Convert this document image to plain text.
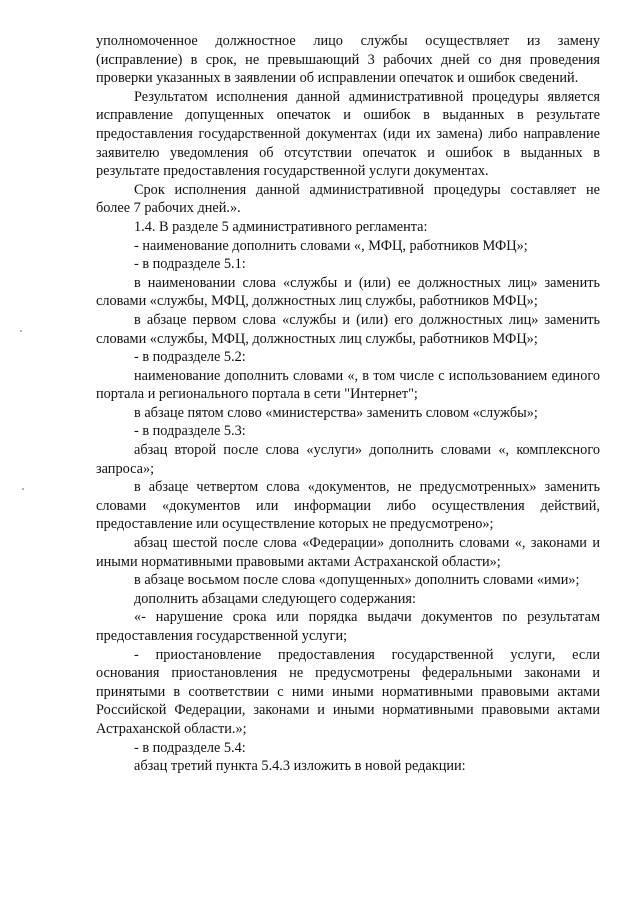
уполномоченное должностное лицо службы осуществляет из замену (исправление) в срок, не превышающий 3 рабочих дней со дня проведения проверки указанных в заявлении об исправлении опечаток и ошибок сведений.

Результатом исполнения данной административной процедуры является исправление допущенных опечаток и ошибок в выданных в результате предоставления государственной документах (иди их замена) либо направление заявителю уведомления об отсутствии опечаток и ошибок в выданных в результате предоставления государственной услуги документах.

Срок исполнения данной административной процедуры составляет не более 7 рабочих дней.».

1.4. В разделе 5 административного регламента:

- наименование дополнить словами «, МФЦ, работников МФЦ»;

- в подразделе 5.1:

в наименовании слова «службы и (или) ее должностных лиц» заменить словами «службы, МФЦ, должностных лиц службы, работников МФЦ»;

в абзаце первом слова «службы и (или) его должностных лиц» заменить словами «службы, МФЦ, должностных лиц службы, работников МФЦ»;

- в подразделе 5.2:

наименование дополнить словами «, в том числе с использованием единого портала и регионального портала в сети "Интернет";

в абзаце пятом слово «министерства» заменить словом «службы»;

- в подразделе 5.3:

абзац второй после слова «услуги» дополнить словами «, комплексного запроса»;

в абзаце четвертом слова «документов, не предусмотренных» заменить словами «документов или информации либо осуществления действий, предоставление или осуществление которых не предусмотрено»;

абзац шестой после слова «Федерации» дополнить словами «, законами и иными нормативными правовыми актами Астраханской области»;

в абзаце восьмом после слова «допущенных» дополнить словами «ими»;

дополнить абзацами следующего содержания:

«- нарушение срока или порядка выдачи документов по результатам предоставления государственной услуги;

- приостановление предоставления государственной услуги, если основания приостановления не предусмотрены федеральными законами и принятыми в соответствии с ними иными нормативными правовыми актами Российской Федерации, законами и иными нормативными правовыми актами Астраханской области.»;

- в подразделе 5.4:

абзац третий пункта 5.4.3 изложить в новой редакции:
